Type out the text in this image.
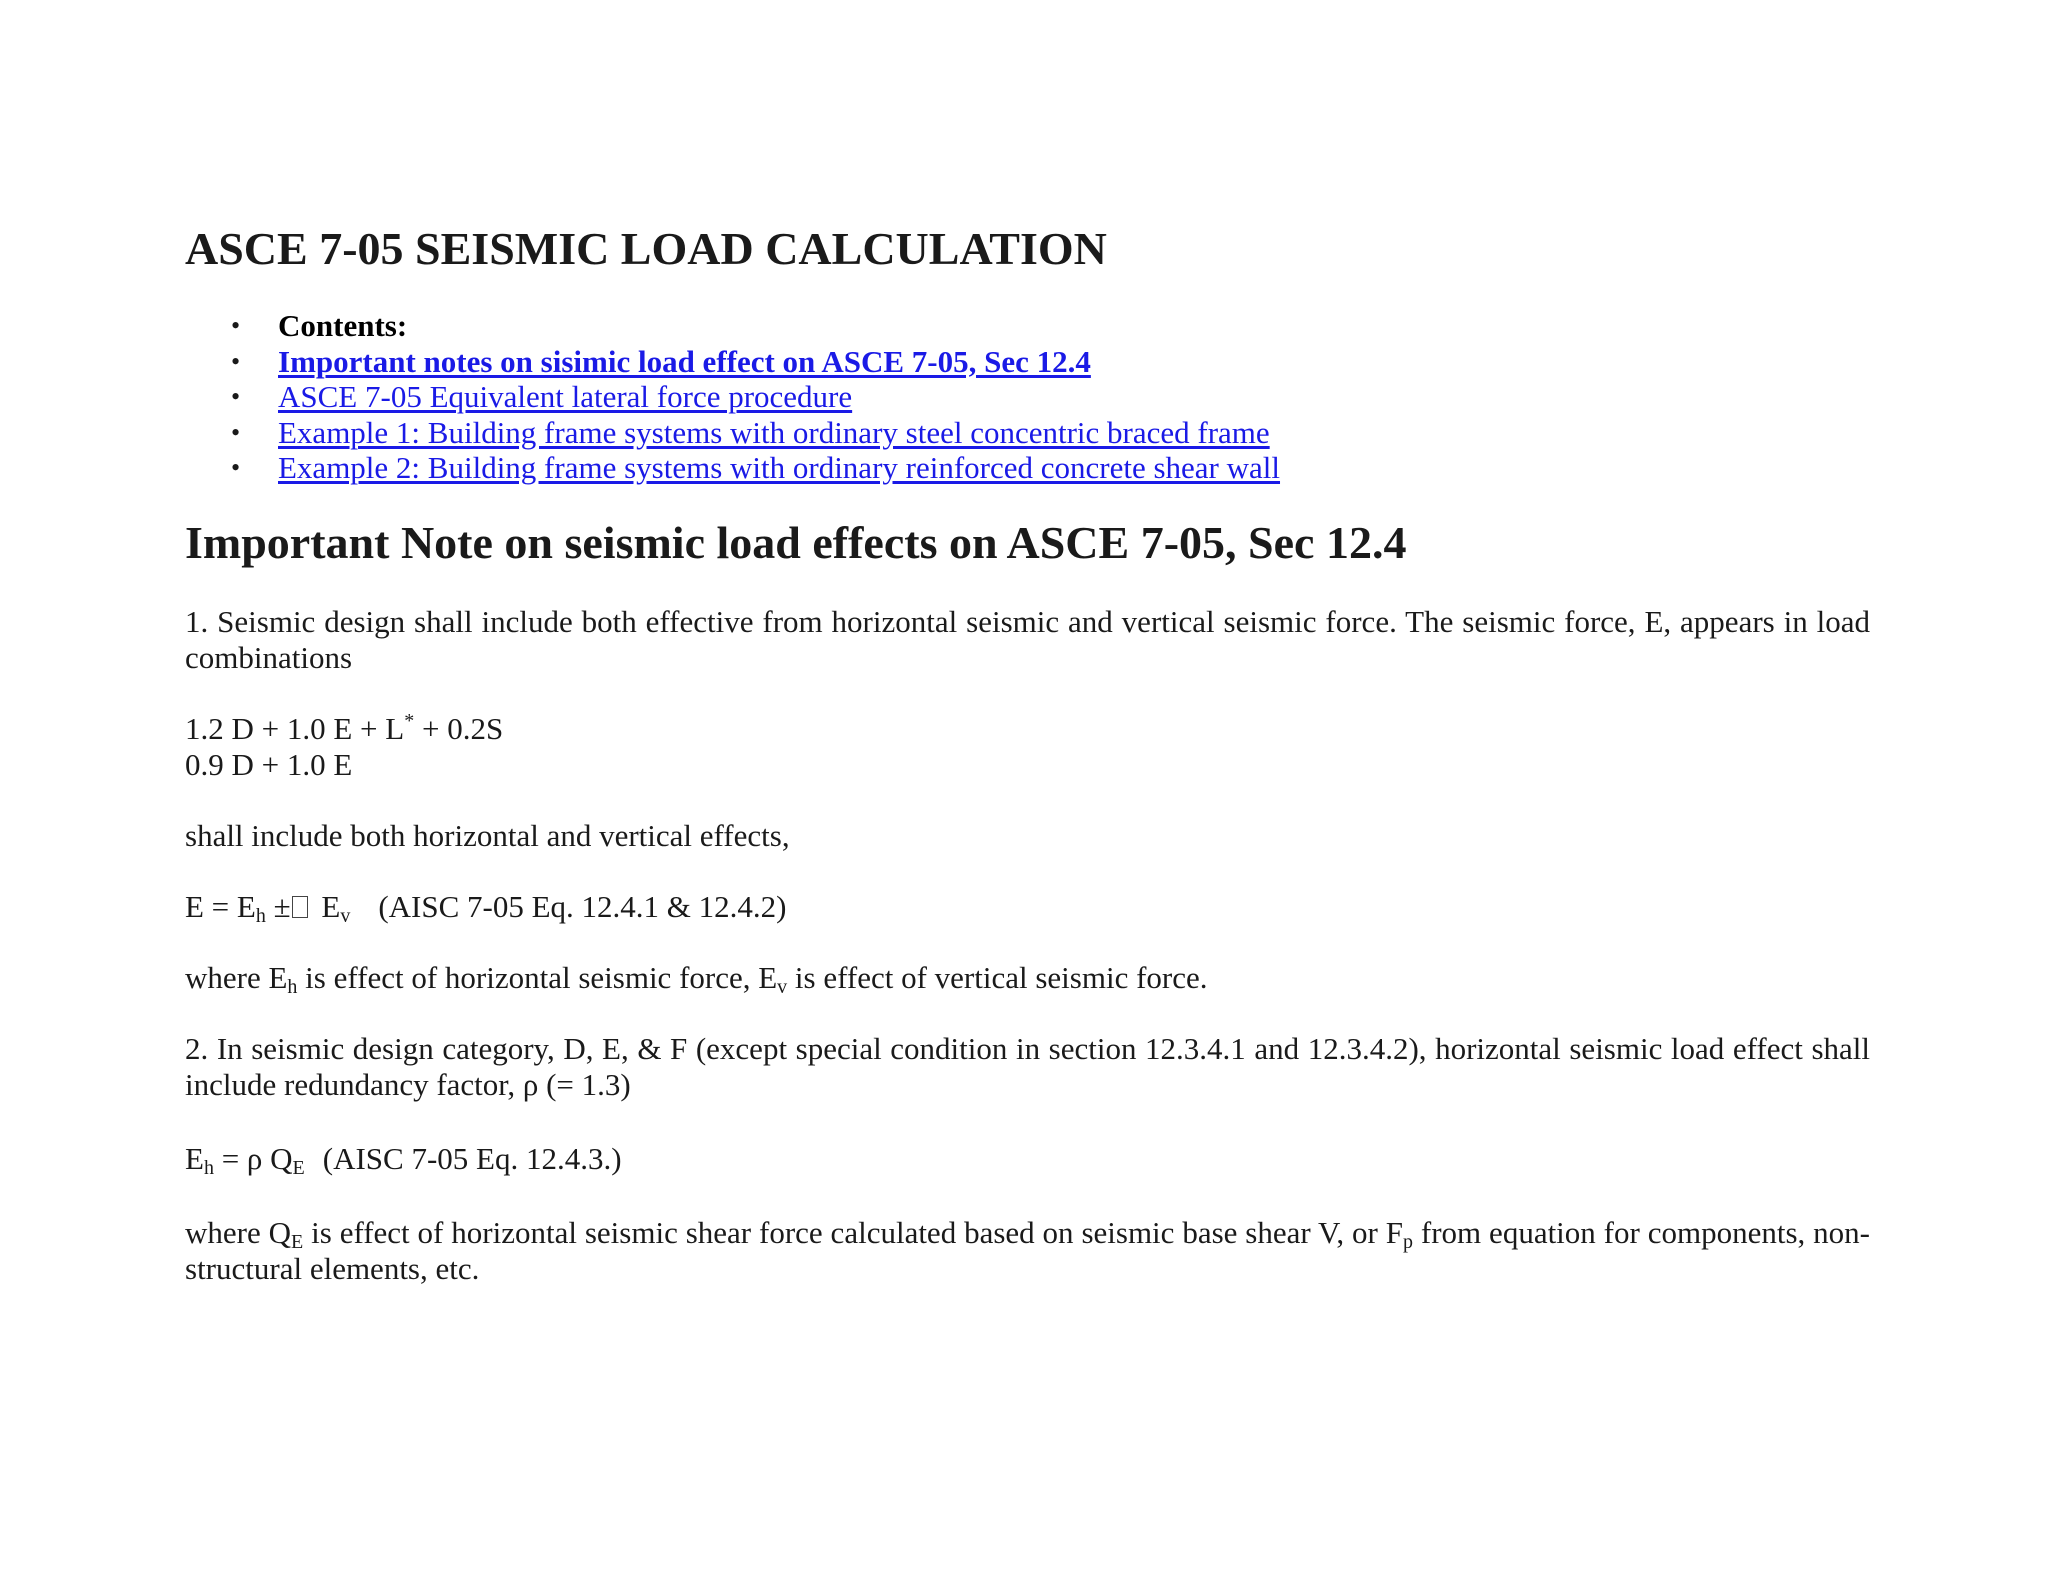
ASCE 7-05 SEISMIC LOAD CALCULATION
• Contents:
• Important notes on sisimic load effect on ASCE 7-05, Sec 12.4
• ASCE 7-05 Equivalent lateral force procedure
• Example 1: Building frame systems with ordinary steel concentric braced frame
• Example 2: Building frame systems with ordinary reinforced concrete shear wall
Important Note on seismic load effects on ASCE 7-05, Sec 12.4

1. Seismic design shall include both effective from horizontal seismic and vertical seismic force. The seismic force, E, appears in load combinations

1.2 D + 1.0 E + L* + 0.2S

0.9 D + 1.0 E

shall include both horizontal and vertical effects,

$E = E_h \pm E_v$ (AISC 7-05 Eq. 12.4.1 & 12.4.2)

where $E_h$ is effect of horizontal seismic force, $E_v$ is effect of vertical seismic force.

2. In seismic design category, D, E, & F (except special condition in section 12.3.4.1 and 12.3.4.2), horizontal seismic load effect shall include redundancy factor, ρ (= 1.3)

$E_h = \rho$ $Q_E$ (AISC 7-05 Eq. 12.4.3.)

where $Q_E$ is effect of horizontal seismic shear force calculated based on seismic base shear V, or $F_p$ from equation for components, non-structural elements, etc.
